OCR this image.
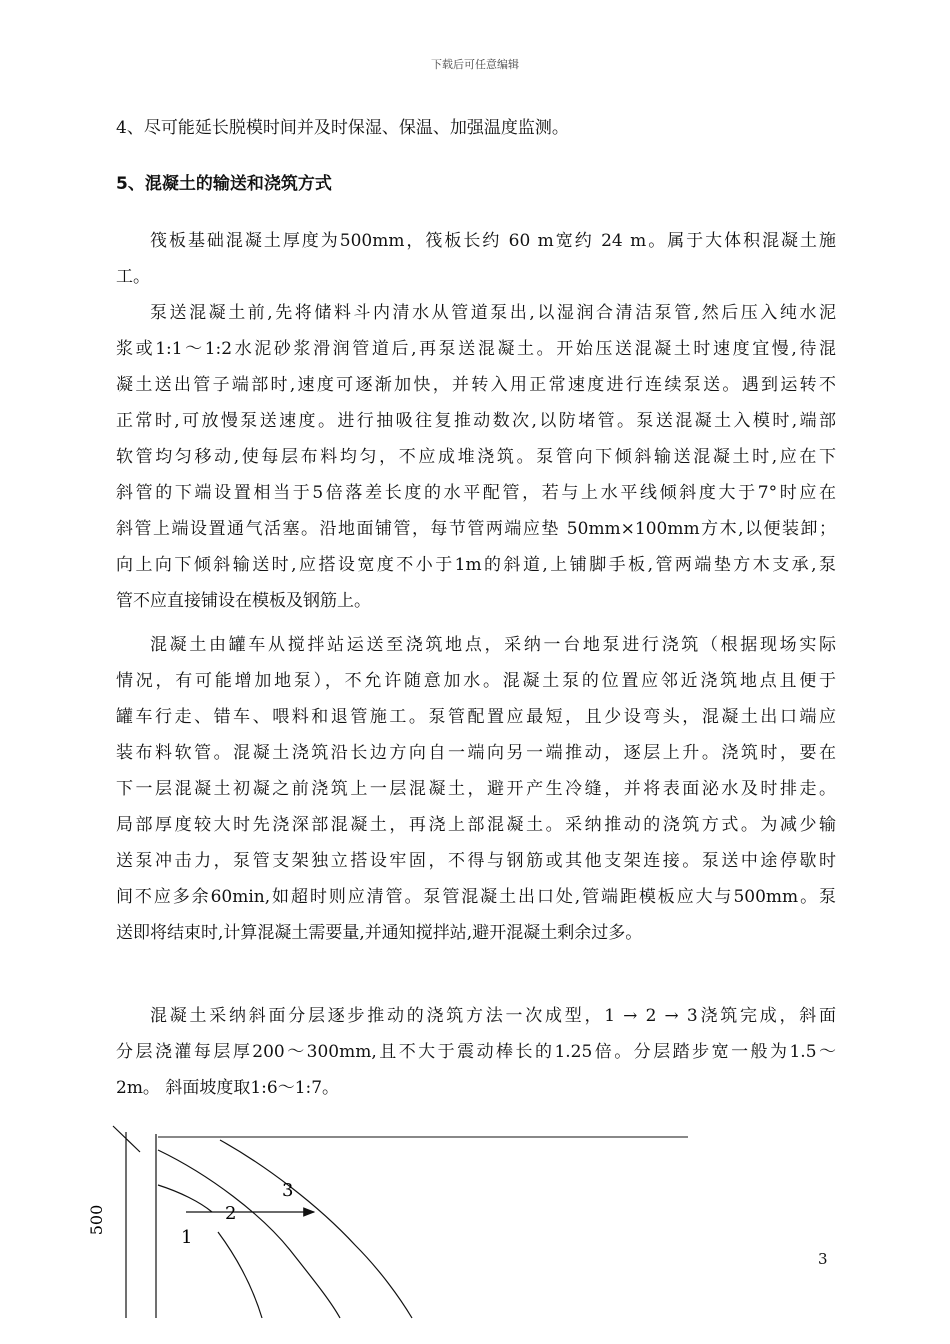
下载后可任意编辑
4、尽可能延长脱模时间并及时保湿、保温、加强温度监测。
5、混凝土的输送和浇筑方式
筏板基础混凝土厚度为500mm，筏板长约 60 m宽约 24 m。属于大体积混凝土施
工。
泵送混凝土前,先将储料斗内清水从管道泵出,以湿润合清洁泵管,然后压入纯水泥
浆或1:1～1:2水泥砂浆滑润管道后,再泵送混凝土。开始压送混凝土时速度宜慢,待混
凝土送出管子端部时,速度可逐渐加快，并转入用正常速度进行连续泵送。遇到运转不
正常时,可放慢泵送速度。进行抽吸往复推动数次,以防堵管。泵送混凝土入模时,端部
软管均匀移动,使每层布料均匀，不应成堆浇筑。泵管向下倾斜输送混凝土时,应在下
斜管的下端设置相当于5倍落差长度的水平配管，若与上水平线倾斜度大于7°时应在
斜管上端设置通气活塞。沿地面铺管，每节管两端应垫 50mm×100mm方木,以便装卸；
向上向下倾斜输送时,应搭设宽度不小于1m的斜道,上铺脚手板,管两端垫方木支承,泵
管不应直接铺设在模板及钢筋上。
混凝土由罐车从搅拌站运送至浇筑地点，采纳一台地泵进行浇筑（根据现场实际
情况，有可能增加地泵），不允许随意加水。混凝土泵的位置应邻近浇筑地点且便于
罐车行走、错车、喂料和退管施工。泵管配置应最短，且少设弯头，混凝土出口端应
装布料软管。混凝土浇筑沿长边方向自一端向另一端推动，逐层上升。浇筑时，要在
下一层混凝土初凝之前浇筑上一层混凝土，避开产生冷缝，并将表面泌水及时排走。
局部厚度较大时先浇深部混凝土，再浇上部混凝土。采纳推动的浇筑方式。为减少输
送泵冲击力，泵管支架独立搭设牢固，不得与钢筋或其他支架连接。泵送中途停歇时
间不应多余60min,如超时则应清管。泵管混凝土出口处,管端距模板应大与500mm。泵
送即将结束时,计算混凝土需要量,并通知搅拌站,避开混凝土剩余过多。
混凝土采纳斜面分层逐步推动的浇筑方法一次成型，1 → 2 → 3浇筑完成，斜面
分层浇灌每层厚200～300mm,且不大于震动棒长的1.25倍。分层踏步宽一般为1.5～
2m。 斜面坡度取1:6～1:7。
500
1
2
3
3
